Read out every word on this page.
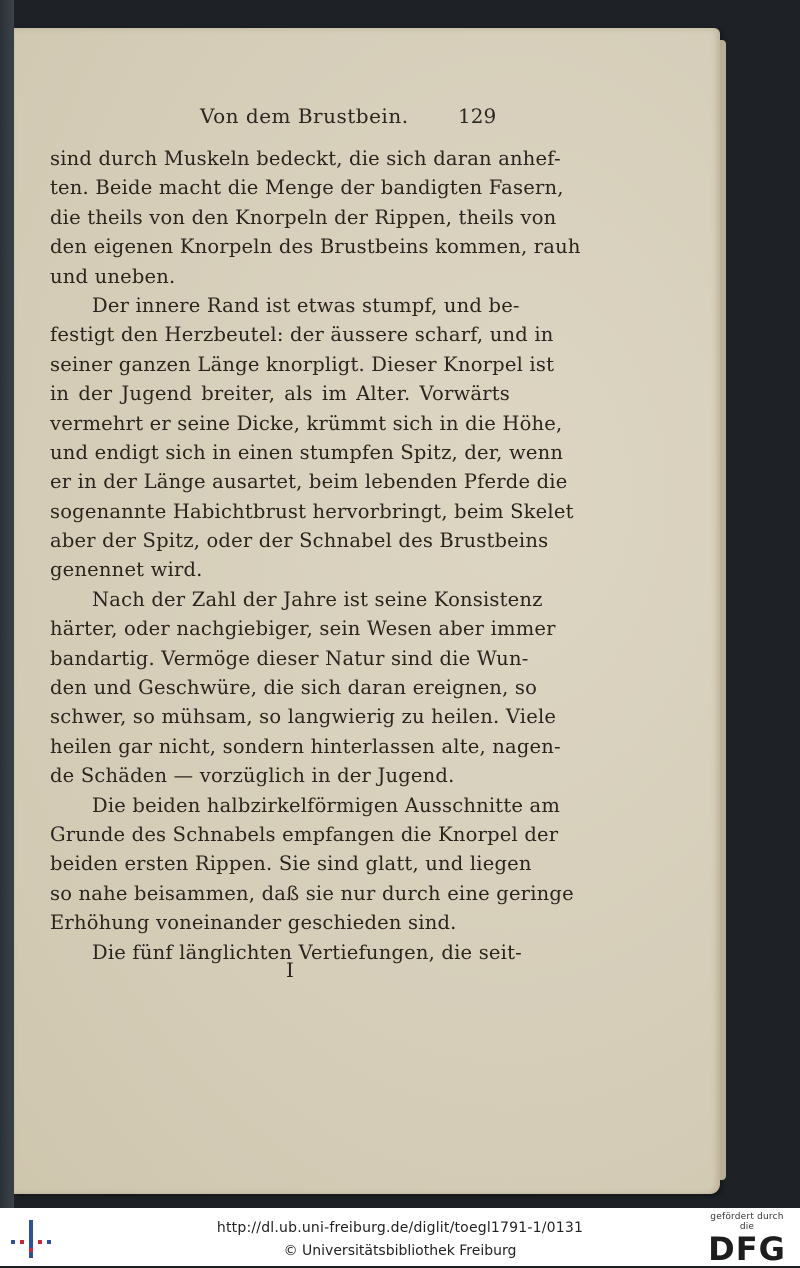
Von dem Brustbein. 129
sind durch Muskeln bedeckt, die sich daran anhef-
ten. Beide macht die Menge der bandigten Fasern,
die theils von den Knorpeln der Rippen, theils von
den eigenen Knorpeln des Brustbeins kommen, rauh
und uneben.
Der innere Rand ist etwas stumpf, und be-
festigt den Herzbeutel: der äussere scharf, und in
seiner ganzen Länge knorpligt. Dieser Knorpel ist
in der Jugend breiter, als im Alter. Vorwärts
vermehrt er seine Dicke, krümmt sich in die Höhe,
und endigt sich in einen stumpfen Spitz, der, wenn
er in der Länge ausartet, beim lebenden Pferde die
sogenannte Habichtbrust hervorbringt, beim Skelet
aber der Spitz, oder der Schnabel des Brustbeins
genennet wird.
Nach der Zahl der Jahre ist seine Konsistenz
härter, oder nachgiebiger, sein Wesen aber immer
bandartig. Vermöge dieser Natur sind die Wun-
den und Geschwüre, die sich daran ereignen, so
schwer, so mühsam, so langwierig zu heilen. Viele
heilen gar nicht, sondern hinterlassen alte, nagen-
de Schäden — vorzüglich in der Jugend.
Die beiden halbzirkelförmigen Ausschnitte am
Grunde des Schnabels empfangen die Knorpel der
beiden ersten Rippen. Sie sind glatt, und liegen
so nahe beisammen, daß sie nur durch eine geringe
Erhöhung voneinander geschieden sind.
Die fünf länglichten Vertiefungen, die seit-
I
http://dl.ub.uni-freiburg.de/diglit/toegl1791-1/0131
© Universitätsbibliothek Freiburg
gefördert durch die
DFG
